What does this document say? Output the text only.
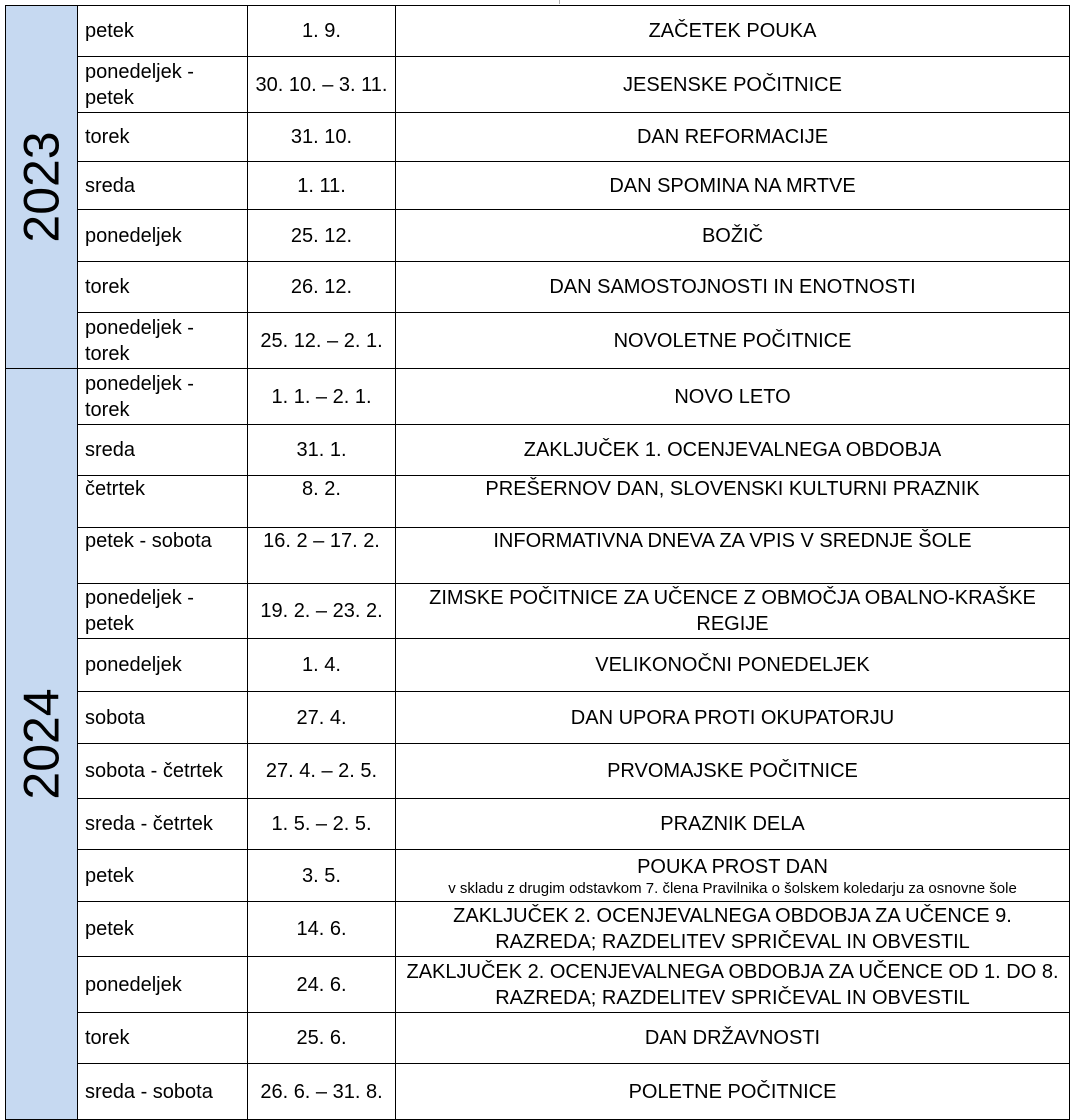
2023	petek	1. 9.	ZAČETEK POUKA
	ponedeljek - petek	30. 10. – 3. 11.	JESENSKE POČITNICE
	torek	31. 10.	DAN REFORMACIJE
	sreda	1. 11.	DAN SPOMINA NA MRTVE
	ponedeljek	25. 12.	BOŽIČ
	torek	26. 12.	DAN SAMOSTOJNOSTI IN ENOTNOSTI
	ponedeljek - torek	25. 12. – 2. 1.	NOVOLETNE POČITNICE

2024	ponedeljek - torek	1. 1. – 2. 1.	NOVO LETO
	sreda	31. 1.	ZAKLJUČEK 1. OCENJEVALNEGA OBDOBJA
	četrtek	8. 2.	PREŠERNOV DAN, SLOVENSKI KULTURNI PRAZNIK
	petek - sobota	16. 2 – 17. 2.	INFORMATIVNA DNEVA ZA VPIS V SREDNJE ŠOLE
	ponedeljek - petek	19. 2. – 23. 2.	ZIMSKE POČITNICE ZA UČENCE Z OBMOČJA OBALNO-KRAŠKE REGIJE
	ponedeljek	1. 4.	VELIKONOČNI PONEDELJEK
	sobota	27. 4.	DAN UPORA PROTI OKUPATORJU
	sobota - četrtek	27. 4. – 2. 5.	PRVOMAJSKE POČITNICE
	sreda - četrtek	1. 5. – 2. 5.	PRAZNIK DELA
	petek	3. 5.	POUKA PROST DAN
v skladu z drugim odstavkom 7. člena Pravilnika o šolskem koledarju za osnovne šole

	petek	14. 6.	ZAKLJUČEK 2. OCENJEVALNEGA OBDOBJA ZA UČENCE 9. RAZREDA; RAZDELITEV SPRIČEVAL IN OBVESTIL
	ponedeljek	24. 6.	ZAKLJUČEK 2. OCENJEVALNEGA OBDOBJA ZA UČENCE OD 1. DO 8. RAZREDA; RAZDELITEV SPRIČEVAL IN OBVESTIL
	torek	25. 6.	DAN DRŽAVNOSTI
	sreda - sobota	26. 6. – 31. 8.	POLETNE POČITNICE
